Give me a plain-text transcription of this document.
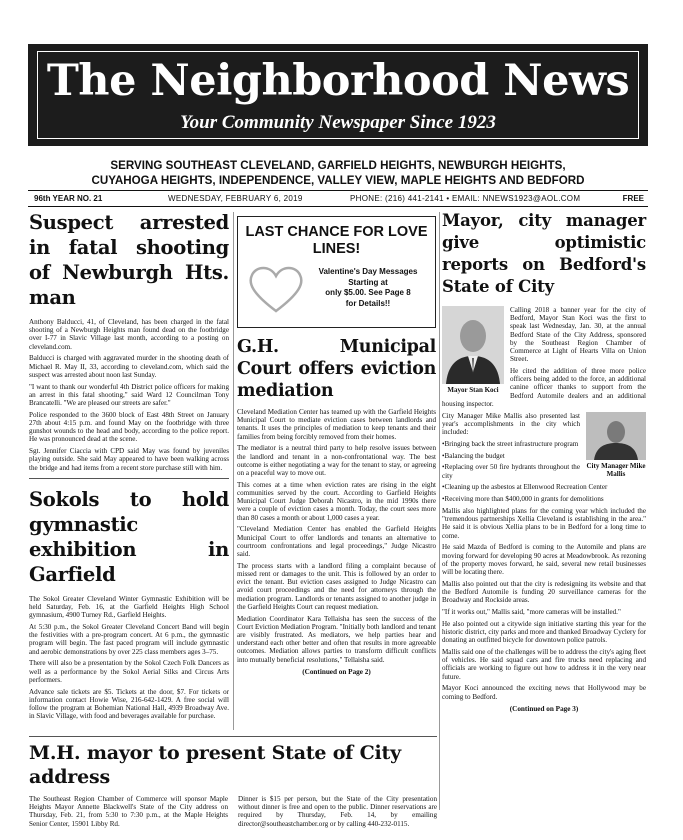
The Neighborhood News
Your Community Newspaper Since 1923
SERVING SOUTHEAST CLEVELAND, GARFIELD HEIGHTS, NEWBURGH HEIGHTS,
CUYAHOGA HEIGHTS, INDEPENDENCE, VALLEY VIEW, MAPLE HEIGHTS AND BEDFORD
96th YEAR NO. 21	WEDNESDAY, FEBRUARY 6, 2019	PHONE: (216) 441-2141 • EMAIL: NNEWS1923@AOL.COM	FREE
Suspect arrested in fatal shooting of Newburgh Hts. man

Anthony Balducci, 41, of Cleveland, has been charged in the fatal shooting of a Newburgh Heights man found dead on the footbridge over I-77 in Slavic Village last month, according to a posting on cleveland.com.

Balducci is charged with aggravated murder in the shooting death of Michael R. May II, 33, according to cleveland.com, which said the suspect was arrested about noon last Sunday.

"I want to thank our wonderful 4th District police officers for making an arrest in this fatal shooting," said Ward 12 Councilman Tony Brancatelli. "We are pleased our streets are safer."

Police responded to the 3600 block of East 48th Street on January 27th about 4:15 p.m. and found May on the footbridge with three gunshot wounds to the head and body, according to the police report. He was pronounced dead at the scene.

Sgt. Jennifer Ciaccia with CPD said May was found by juveniles playing outside. She said May appeared to have been walking across the bridge and had items from a recent store purchase still with him.

Sokols to hold gymnastic exhibition in Garfield

The Sokol Greater Cleveland Winter Gymnastic Exhibition will be held Saturday, Feb. 16, at the Garfield Heights High School gymnasium, 4900 Turney Rd., Garfield Heights.

At 5:30 p.m., the Sokol Greater Cleveland Concert Band will begin the festivities with a pre-program concert. At 6 p.m., the gymnastic program will begin. The fast paced program will include gymnastic and aerobic demonstrations by over 225 class members ages 3–75.

There will also be a presentation by the Sokol Czech Folk Dancers as well as a performance by the Sokol Aerial Silks and Circus Arts performers.

Advance sale tickets are $5. Tickets at the door, $7. For tickets or information contact Howie Wise, 216-642-1429. A free social will follow the program at Bohemian National Hall, 4939 Broadway Ave. in Slavic Village, with food and beverages available for purchase.

LAST CHANCE FOR LOVE LINES!
Valentine's Day Messages
Starting at
only $5.00. See Page 8
for Details!!
G.H. Municipal Court offers eviction mediation

Cleveland Mediation Center has teamed up with the Garfield Heights Municipal Court to mediate eviction cases between landlords and tenants. It uses the principles of mediation to keep tenants and their families from being forcibly removed from their homes.

The mediator is a neutral third party to help resolve issues between the landlord and tenant in a non-confrontational way. The best outcome is either negotiating a way for the tenant to stay, or agreeing on a peaceful way to move out.

This comes at a time when eviction rates are rising in the eight communities served by the court. According to Garfield Heights Municipal Court Judge Deborah Nicastro, in the mid 1990s there were a couple of eviction cases a month. Today, the court sees more than 80 cases a month or about 1,000 cases a year.

"Cleveland Mediation Center has enabled the Garfield Heights Municipal Court to offer landlords and tenants an alternative to courtroom confrontations and legal proceedings," Judge Nicastro said.

The process starts with a landlord filing a complaint because of missed rent or damages to the unit. This is followed by an order to evict the tenant. But eviction cases assigned to Judge Nicastro can avoid court proceedings and the need for attorneys through the mediation program. Landlords or tenants assigned to another judge in the Garfield Heights Court can request mediation.

Mediation Coordinator Kara Tellaisha has seen the success of the Court Eviction Mediation Program. "Initially both landlord and tenant are visibly frustrated. As mediators, we help parties hear and understand each other better and often that results in more agreeable outcomes. Mediation allows parties to transform difficult conflicts into mutually beneficial resolutions," Tellaisha said.

(Continued on Page 2)
Mayor, city manager give optimistic reports on Bedford's State of City
Mayor Stan Koci

Calling 2018 a banner year for the city of Bedford, Mayor Stan Koci was the first to speak last Wednesday, Jan. 30, at the annual Bedford State of the City Address, sponsored by the Southeast Region Chamber of Commerce at Light of Hearts Villa on Union Street.

He cited the addition of three more police officers being added to the force, an additional canine officer thanks to support from the Bedford Automile dealers and an additional housing inspector.

City Manager Mike Mallis

City Manager Mike Mallis also presented last year's accomplishments in the city which included:

•Bringing back the street infrastructure program

•Balancing the budget

•Replacing over 50 fire hydrants throughout the city

•Cleaning up the asbestos at Ellenwood Recreation Center

•Receiving more than $400,000 in grants for demolitions

Mallis also highlighted plans for the coming year which included the "tremendous partnerships Xellia Cleveland is establishing in the area." He said it is obvious Xellia plans to be in Bedford for a long time to come.

He said Mazda of Bedford is coming to the Automile and plans are moving forward for developing 90 acres at Meadowbrook. As rezoning of the property moves forward, he said, several new retail businesses will be locating there.

Mallis also pointed out that the city is redesigning its website and that the Bedford Automile is funding 20 surveillance cameras for the Broadway and Rockside areas.

"If it works out," Mallis said, "more cameras will be installed."

He also pointed out a citywide sign initiative starting this year for the historic district, city parks and more and thanked Broadway Cyclery for donating an outfitted bicycle for downtown police patrols.

Mallis said one of the challenges will be to address the city's aging fleet of vehicles. He said squad cars and fire trucks need replacing and officials are working to figure out how to address it in the very near future.

Mayor Koci announced the exciting news that Hollywood may be coming to Bedford.

(Continued on Page 3)
M.H. mayor to present State of City address

The Southeast Region Chamber of Commerce will sponsor Maple Heights Mayor Annette Blackwell's State of the City address on Thursday, Feb. 21, from 5:30 to 7:30 p.m., at the Maple Heights Senior Center, 15901 Libby Rd.

Dinner is $15 per person, but the State of the City presentation without dinner is free and open to the public. Dinner reservations are required by Thursday, Feb. 14, by emailing director@southeastchamber.org or by calling 440-232-0115.
